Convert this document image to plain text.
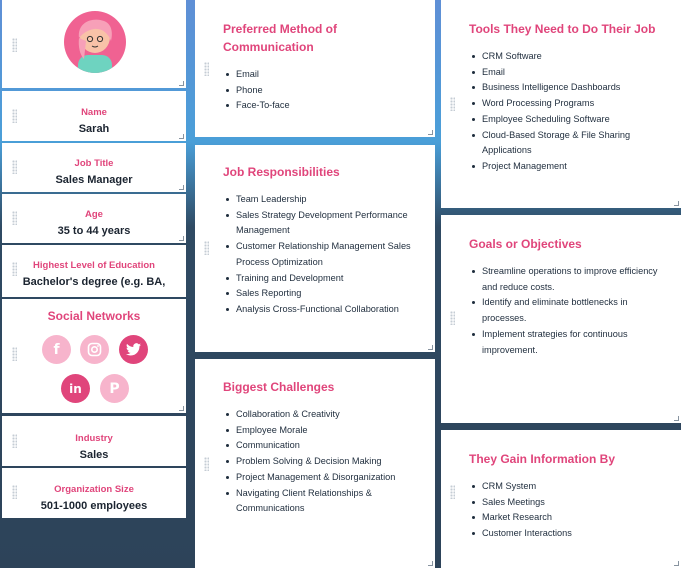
Name
Sarah
Job Title
Sales Manager
Age
35 to 44 years
Highest Level of Education
Bachelor's degree (e.g. BA,
Social Networks
f
in	P
Industry
Sales
Organization Size
501-1000 employees
Preferred Method of Communication
Email
Phone
Face-To-face
Job Responsibilities
Team Leadership
Sales Strategy Development Performance Management
Customer Relationship Management Sales Process Optimization
Training and Development
Sales Reporting
Analysis Cross-Functional Collaboration
Biggest Challenges
Collaboration & Creativity
Employee Morale
Communication
Problem Solving & Decision Making
Project Management & Disorganization
Navigating Client Relationships & Communications
Tools They Need to Do Their Job
CRM Software
Email
Business Intelligence Dashboards
Word Processing Programs
Employee Scheduling Software
Cloud-Based Storage & File Sharing Applications
Project Management
Goals or Objectives
Streamline operations to improve efficiency and reduce costs.
Identify and eliminate bottlenecks in processes.
Implement strategies for continuous improvement.
They Gain Information By
CRM System
Sales Meetings
Market Research
Customer Interactions
